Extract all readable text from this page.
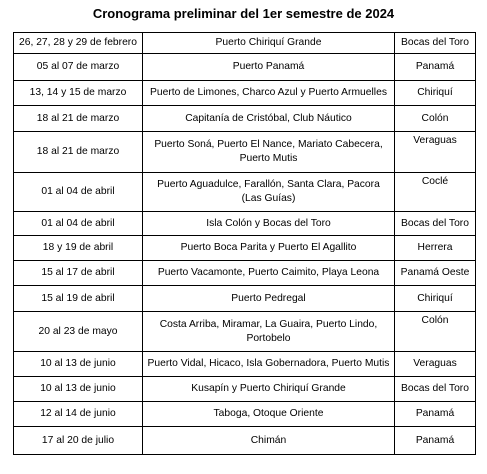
Cronograma preliminar del 1er semestre de 2024
26, 27, 28 y 29 de febrero	Puerto Chiriquí Grande	Bocas del Toro
05 al 07 de marzo	Puerto Panamá	Panamá
13, 14 y 15 de marzo	Puerto de Limones, Charco Azul y Puerto Armuelles	Chiriquí
18 al 21 de marzo	Capitanía de Cristóbal, Club Náutico	Colón
18 al 21 de marzo	Puerto Soná, Puerto El Nance, Mariato Cabecera, Puerto Mutis	Veraguas
01 al 04 de abril	Puerto Aguadulce, Farallón, Santa Clara, Pacora (Las Guías)	Coclé
01 al 04 de abril	Isla Colón y Bocas del Toro	Bocas del Toro
18 y 19 de abril	Puerto Boca Parita y Puerto El Agallito	Herrera
15 al 17 de abril	Puerto Vacamonte, Puerto Caimito, Playa Leona	Panamá Oeste
15 al 19 de abril	Puerto Pedregal	Chiriquí
20 al 23 de mayo	Costa Arriba, Miramar, La Guaira, Puerto Lindo, Portobelo	Colón
10 al 13 de junio	Puerto Vidal, Hicaco, Isla Gobernadora, Puerto Mutis	Veraguas
10 al 13 de junio	Kusapín y Puerto Chiriquí Grande	Bocas del Toro
12 al 14 de junio	Taboga, Otoque Oriente	Panamá
17 al 20 de julio	Chimán	Panamá
